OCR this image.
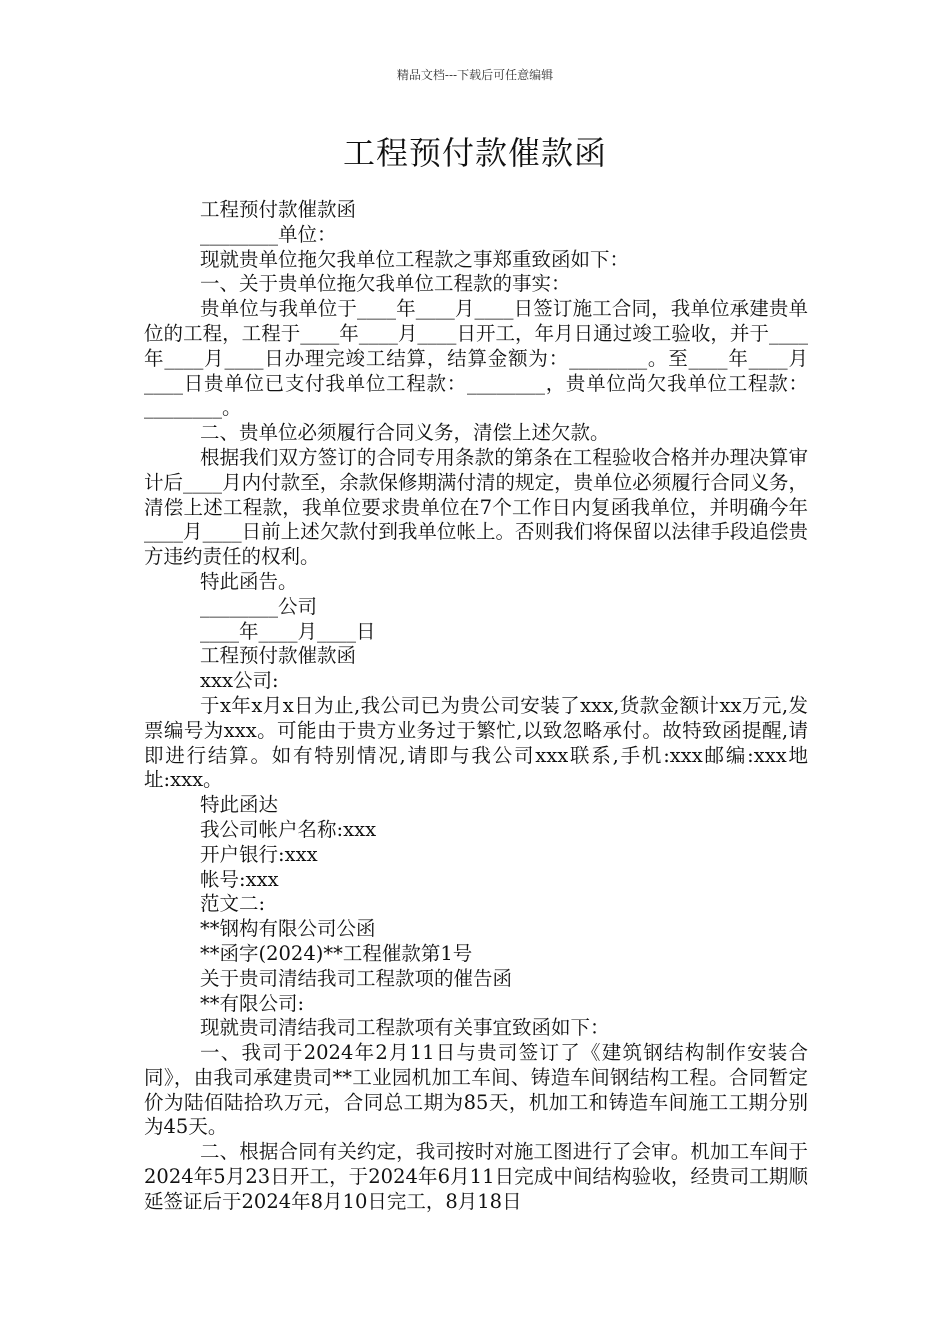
精品文档---下载后可任意编辑
工程预付款催款函

工程预付款催款函

________单位：

现就贵单位拖欠我单位工程款之事郑重致函如下：

一、关于贵单位拖欠我单位工程款的事实：

贵单位与我单位于____年____月____日签订施工合同，我单位承建贵单位的工程，工程于____年____月____日开工，年月日通过竣工验收，并于____年____月____日办理完竣工结算，结算金额为：________。至____年____月____日贵单位已支付我单位工程款：________，贵单位尚欠我单位工程款：________。

二、贵单位必须履行合同义务，清偿上述欠款。

根据我们双方签订的合同专用条款的第条在工程验收合格并办理决算审计后____月内付款至，余款保修期满付清的规定，贵单位必须履行合同义务，清偿上述工程款，我单位要求贵单位在7个工作日内复函我单位，并明确今年____月____日前上述欠款付到我单位帐上。否则我们将保留以法律手段追偿贵方违约责任的权利。

特此函告。

________公司

____年____月____日

工程预付款催款函

xxx公司:

于x年x月x日为止,我公司已为贵公司安装了xxx,货款金额计xx万元,发票编号为xxx。可能由于贵方业务过于繁忙,以致忽略承付。故特致函提醒,请即进行结算。如有特别情况,请即与我公司xxx联系,手机:xxx邮编:xxx地址:xxx。

特此函达

我公司帐户名称:xxx

开户银行:xxx

帐号:xxx

范文二:

**钢构有限公司公函

**函字(2024)**工程催款第1号

关于贵司清结我司工程款项的催告函

**有限公司:

现就贵司清结我司工程款项有关事宜致函如下：

一、我司于2024年2月11日与贵司签订了《建筑钢结构制作安装合同》，由我司承建贵司**工业园机加工车间、铸造车间钢结构工程。合同暂定价为陆佰陆拾玖万元，合同总工期为85天，机加工和铸造车间施工工期分别为45天。

二、根据合同有关约定，我司按时对施工图进行了会审。机加工车间于2024年5月23日开工，于2024年6月11日完成中间结构验收，经贵司工期顺延签证后于2024年8月10日完工，8月18日
